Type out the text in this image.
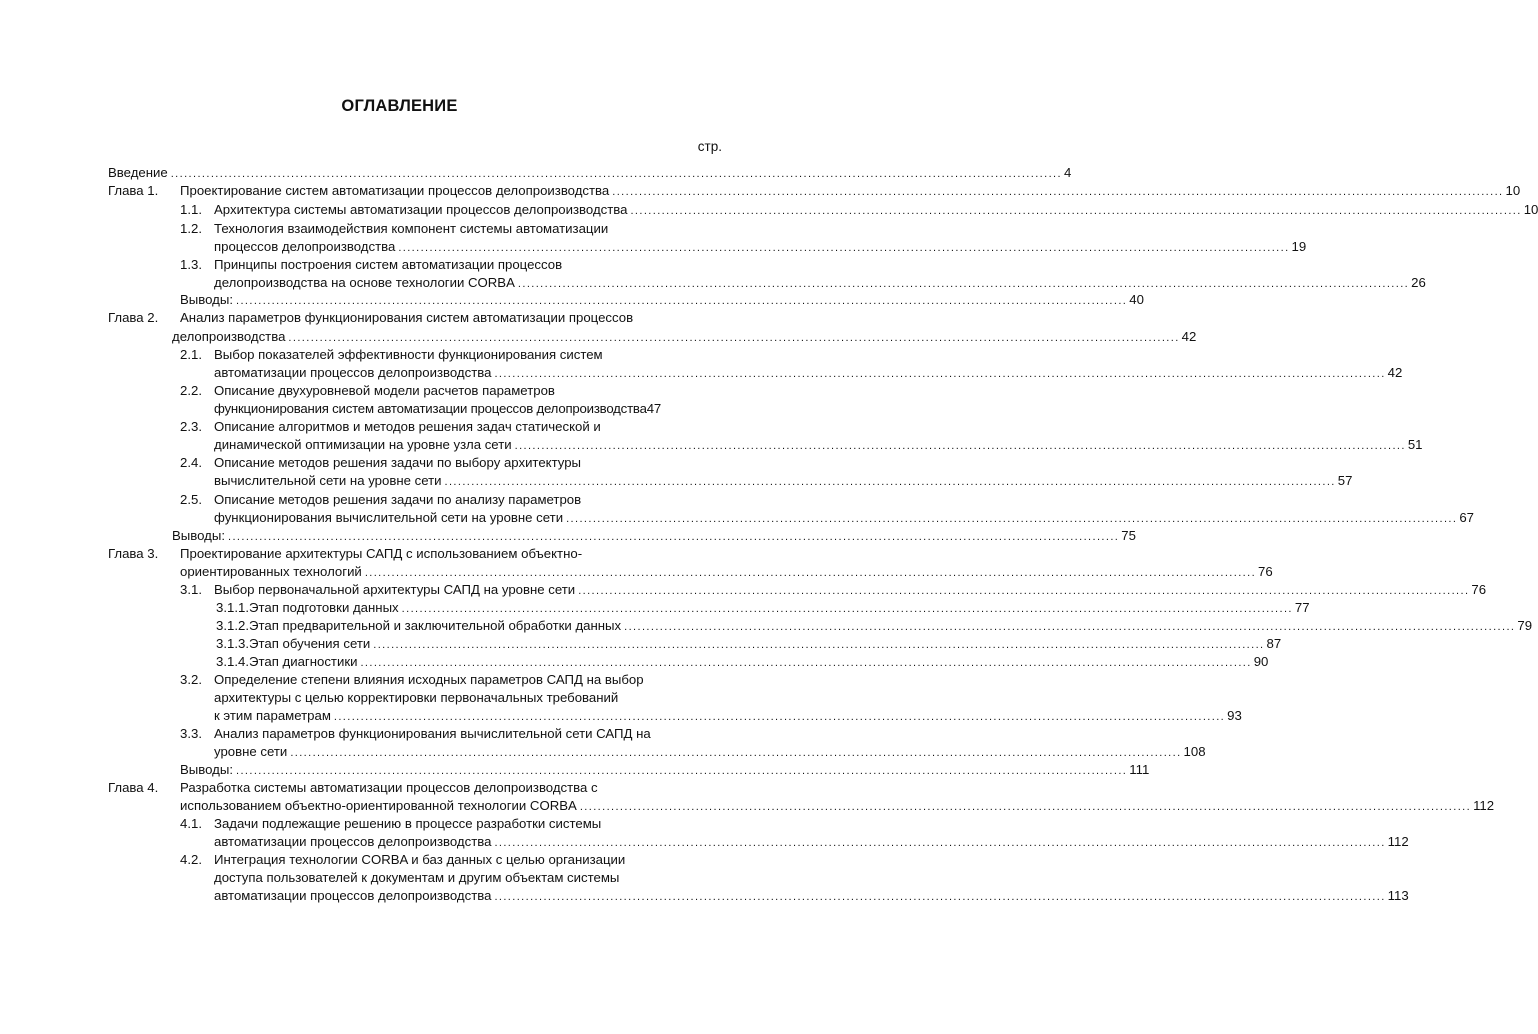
ОГЛАВЛЕНИЕ
стр.
Введение ........................................................................................................................................................................................................ 4
Глава 1. Проектирование систем автоматизации процессов делопроизводства ........................................................................................................................................................................................................ 10
1.1. Архитектура системы автоматизации процессов делопроизводства ........................................................................................................................................................................................................ 10
1.2. Технология взаимодействия компонент системы автоматизации
процессов делопроизводства ........................................................................................................................................................................................................ 19
1.3. Принципы построения систем автоматизации процессов
делопроизводства на основе технологии CORBA ........................................................................................................................................................................................................ 26
Выводы: ........................................................................................................................................................................................................ 40
Глава 2. Анализ параметров функционирования систем автоматизации процессов
делопроизводства ........................................................................................................................................................................................................ 42
2.1. Выбор показателей эффективности функционирования систем
автоматизации процессов делопроизводства ........................................................................................................................................................................................................ 42
2.2. Описание двухуровневой модели расчетов параметров
функционирования систем автоматизации процессов делопроизводства47
2.3. Описание алгоритмов и методов решения задач статической и
динамической оптимизации на уровне узла сети ........................................................................................................................................................................................................ 51
2.4. Описание методов решения задачи по выбору архитектуры
вычислительной сети на уровне сети ........................................................................................................................................................................................................ 57
2.5. Описание методов решения задачи по анализу параметров
функционирования вычислительной сети на уровне сети ........................................................................................................................................................................................................ 67
Выводы: ........................................................................................................................................................................................................ 75
Глава 3. Проектирование архитектуры САПД с использованием объектно-
ориентированных технологий ........................................................................................................................................................................................................ 76
3.1. Выбор первоначальной архитектуры САПД на уровне сети ........................................................................................................................................................................................................ 76
3.1.1.Этап подготовки данных ........................................................................................................................................................................................................ 77
3.1.2.Этап предварительной и заключительной обработки данных ........................................................................................................................................................................................................ 79
3.1.3.Этап обучения сети ........................................................................................................................................................................................................ 87
3.1.4.Этап диагностики ........................................................................................................................................................................................................ 90
3.2. Определение степени влияния исходных параметров САПД на выбор
архитектуры с целью корректировки первоначальных требований
к этим параметрам ........................................................................................................................................................................................................ 93
3.3. Анализ параметров функционирования вычислительной сети САПД на
уровне сети ........................................................................................................................................................................................................ 108
Выводы: ........................................................................................................................................................................................................ 111
Глава 4. Разработка системы автоматизации процессов делопроизводства с
использованием объектно-ориентированной технологии CORBA ........................................................................................................................................................................................................ 112
4.1. Задачи подлежащие решению в процессе разработки системы
автоматизации процессов делопроизводства ........................................................................................................................................................................................................ 112
4.2. Интеграция технологии CORBA и баз данных с целью организации
доступа пользователей к документам и другим объектам системы
автоматизации процессов делопроизводства ........................................................................................................................................................................................................ 113
